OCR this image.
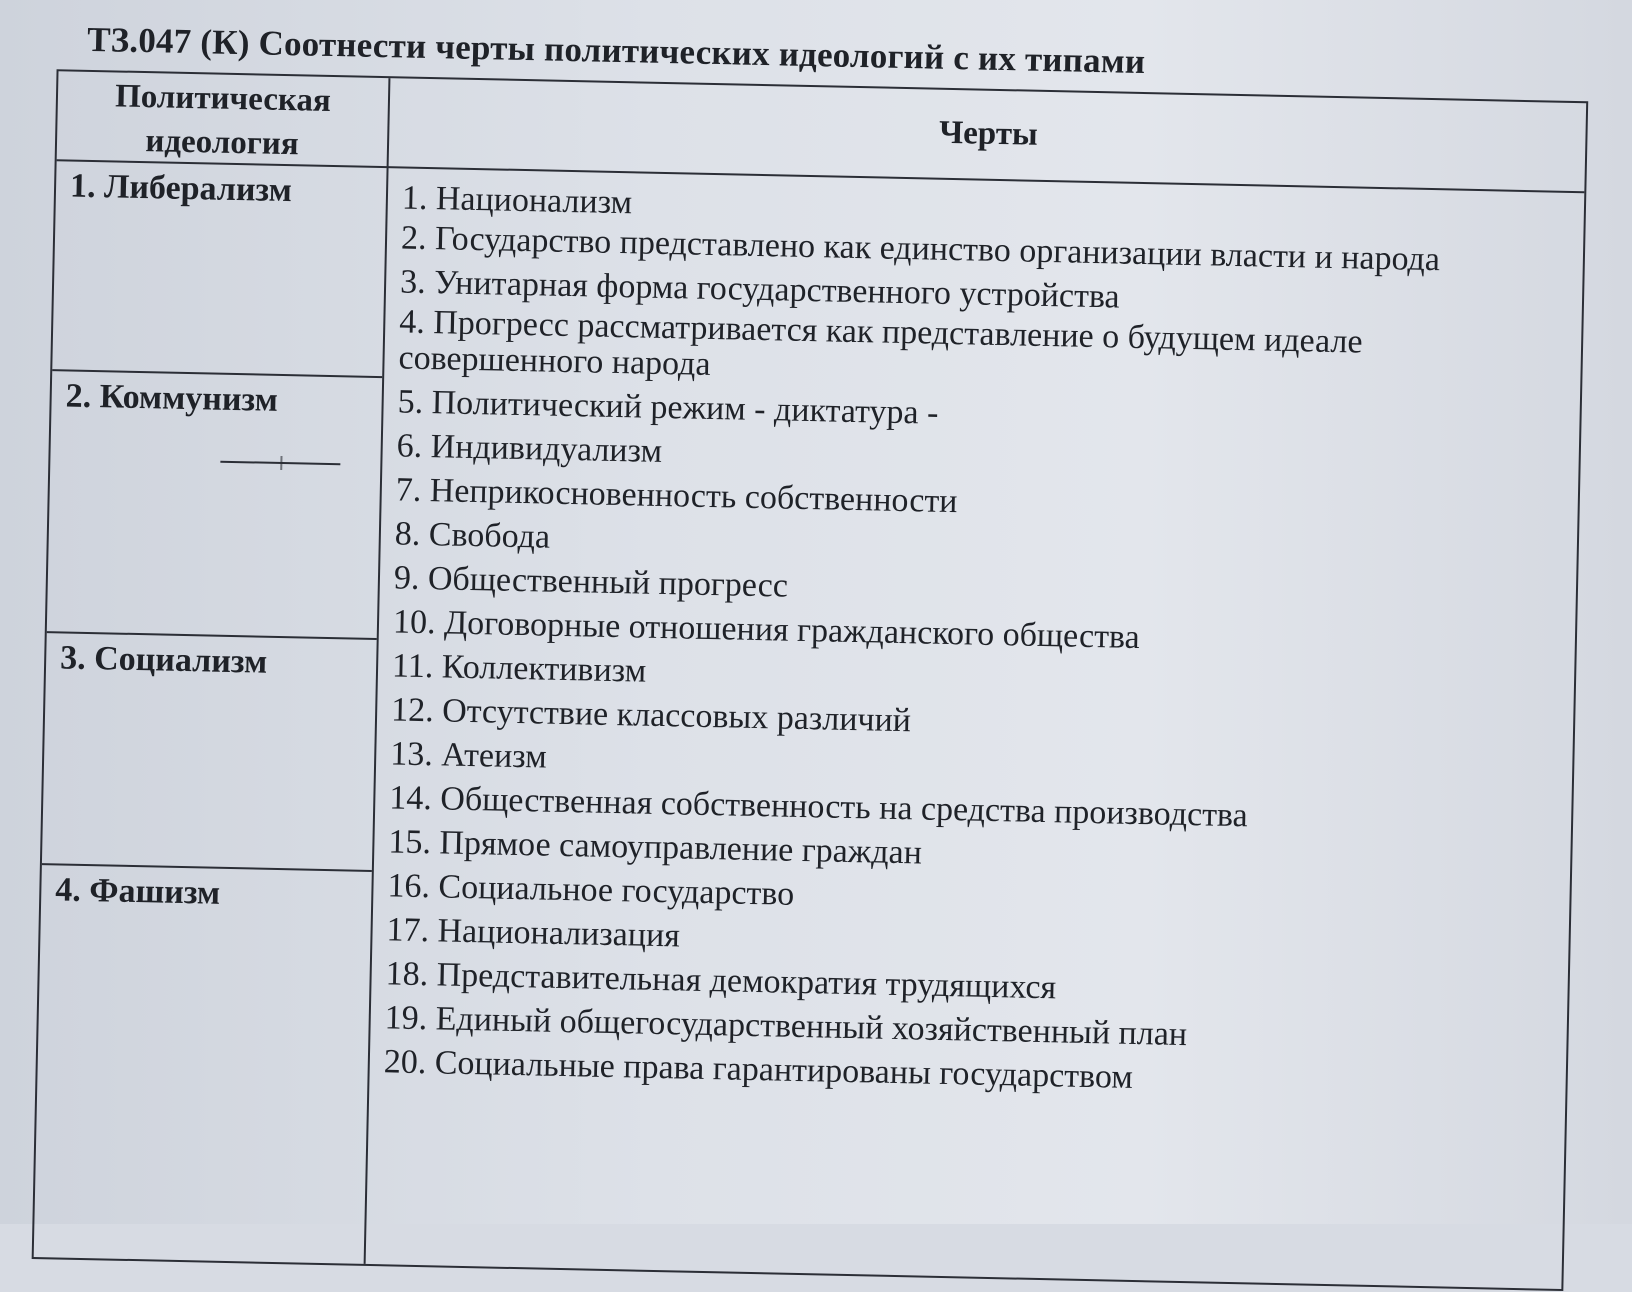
ТЗ.047 (К) Соотнести черты политических идеологий с их типами
Политическая идеология	Черты
1. Либерализм
2. Коммунизм
3. Социализм
4. Фашизм
1. Национализм
2. Государство представлено как единство организации власти и народа
3. Унитарная форма государственного устройства
4. Прогресс рассматривается как представление о будущем идеале совершенного народа
5. Политический режим - диктатура -
6. Индивидуализм
7. Неприкосновенность собственности
8. Свобода
9. Общественный прогресс
10. Договорные отношения гражданского общества
11. Коллективизм
12. Отсутствие классовых различий
13. Атеизм
14. Общественная собственность на средства производства
15. Прямое самоуправление граждан
16. Социальное государство
17. Национализация
18. Представительная демократия трудящихся
19. Единый общегосударственный хозяйственный план
20. Социальные права гарантированы государством
